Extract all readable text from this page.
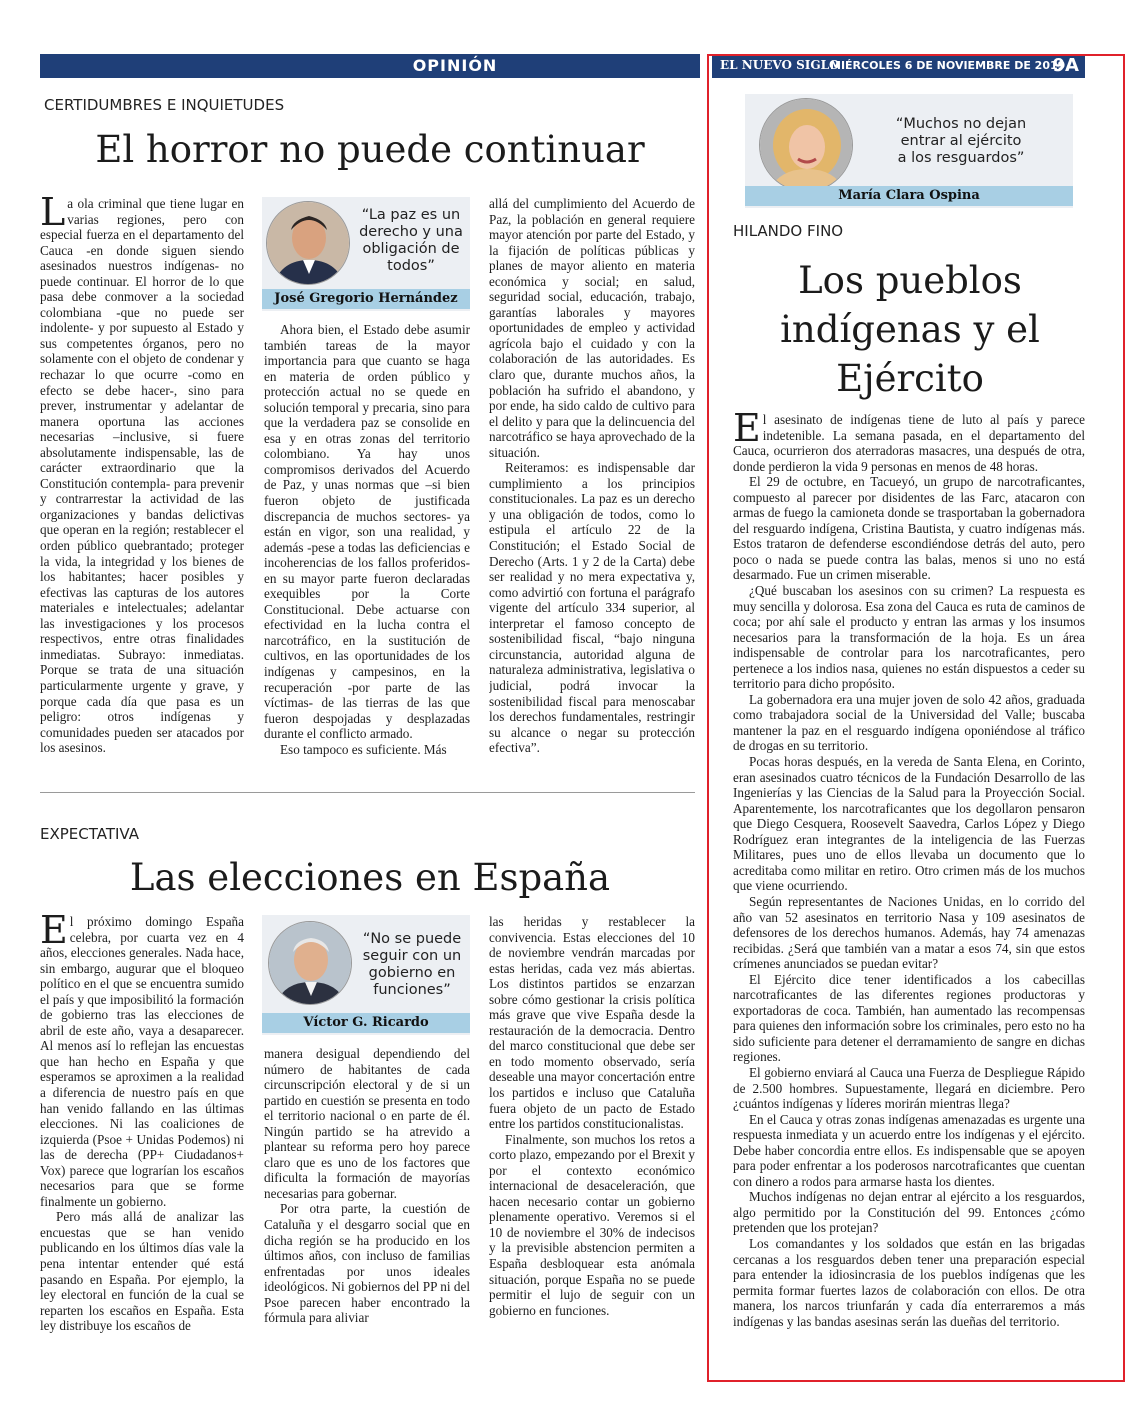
OPINIÓN	EL NUEVO SIGLO
MIÉRCOLES 6 DE NOVIEMBRE DE 2019
9A
CERTIDUMBRES E INQUIETUDES
El horror no puede continuar

La ola criminal que tiene lugar en varias regiones, pero con especial fuerza en el departamento del Cauca -en donde siguen siendo asesinados nuestros indígenas- no puede continuar. El horror de lo que pasa debe conmover a la sociedad colombiana -que no puede ser indolente- y por supuesto al Estado y sus competentes órganos, pero no solamente con el objeto de condenar y rechazar lo que ocurre -como en efecto se debe hacer-, sino para prever, instrumentar y adelantar de manera oportuna las acciones necesarias –inclusive, si fuere absolutamente indispensable, las de carácter extraordinario que la Constitución contempla- para prevenir y contrarrestar la actividad de las organizaciones y bandas delictivas que operan en la región; restablecer el orden público quebrantado; proteger la vida, la integridad y los bienes de los habitantes; hacer posibles y efectivas las capturas de los autores materiales e intelectuales; adelantar las investigaciones y los procesos respectivos, entre otras finalidades inmediatas. Subrayo: inmediatas. Porque se trata de una situación particularmente urgente y grave, y porque cada día que pasa es un peligro: otros indígenas y comunidades pueden ser atacados por los asesinos.

“La paz es un derecho y una obligación de todos”
José Gregorio Hernández

Ahora bien, el Estado debe asumir también tareas de la mayor importancia para que cuanto se haga en materia de orden público y protección actual no se quede en solución temporal y precaria, sino para que la verdadera paz se consolide en esa y en otras zonas del territorio colombiano. Ya hay unos compromisos derivados del Acuerdo de Paz, y unas normas que –si bien fueron objeto de justificada discrepancia de muchos sectores- ya están en vigor, son una realidad, y además -pese a todas las deficiencias e incoherencias de los fallos proferidos- en su mayor parte fueron declaradas exequibles por la Corte Constitucional. Debe actuarse con efectividad en la lucha contra el narcotráfico, en la sustitución de cultivos, en las oportunidades de los indígenas y campesinos, en la recuperación -por parte de las víctimas- de las tierras de las que fueron despojadas y desplazadas durante el conflicto armado.

Eso tampoco es suficiente. Más

allá del cumplimiento del Acuerdo de Paz, la población en general requiere mayor atención por parte del Estado, y la fijación de políticas públicas y planes de mayor aliento en materia económica y social; en salud, seguridad social, educación, trabajo, garantías laborales y mayores oportunidades de empleo y actividad agrícola bajo el cuidado y con la colaboración de las autoridades. Es claro que, durante muchos años, la población ha sufrido el abandono, y por ende, ha sido caldo de cultivo para el delito y para que la delincuencia del narcotráfico se haya aprovechado de la situación.

Reiteramos: es indispensable dar cumplimiento a los principios constitucionales. La paz es un derecho y una obligación de todos, como lo estipula el artículo 22 de la Constitución; el Estado Social de Derecho (Arts. 1 y 2 de la Carta) debe ser realidad y no mera expectativa y, como advirtió con fortuna el parágrafo vigente del artículo 334 superior, al interpretar el famoso concepto de sostenibilidad fiscal, “bajo ninguna circunstancia, autoridad alguna de naturaleza administrativa, legislativa o judicial, podrá invocar la sostenibilidad fiscal para menoscabar los derechos fundamentales, restringir su alcance o negar su protección efectiva”.

EXPECTATIVA
Las elecciones en España

El próximo domingo España celebra, por cuarta vez en 4 años, elecciones generales. Nada hace, sin embargo, augurar que el bloqueo político en el que se encuentra sumido el país y que imposibilitó la formación de gobierno tras las elecciones de abril de este año, vaya a desaparecer. Al menos así lo reflejan las encuestas que han hecho en España y que esperamos se aproximen a la realidad a diferencia de nuestro país en que han venido fallando en las últimas elecciones. Ni las coaliciones de izquierda (Psoe + Unidas Podemos) ni las de derecha (PP+ Ciudadanos+ Vox) parece que lograrían los escaños necesarios para que se forme finalmente un gobierno.

Pero más allá de analizar las encuestas que se han venido publicando en los últimos días vale la pena intentar entender qué está pasando en España. Por ejemplo, la ley electoral en función de la cual se reparten los escaños en España. Esta ley distribuye los escaños de

“No se puede seguir con un gobierno en funciones”
Víctor G. Ricardo

manera desigual dependiendo del número de habitantes de cada circunscripción electoral y de si un partido en cuestión se presenta en todo el territorio nacional o en parte de él. Ningún partido se ha atrevido a plantear su reforma pero hoy parece claro que es uno de los factores que dificulta la formación de mayorías necesarias para gobernar.

Por otra parte, la cuestión de Cataluña y el desgarro social que en dicha región se ha producido en los últimos años, con incluso de familias enfrentadas por unos ideales ideológicos. Ni gobiernos del PP ni del Psoe parecen haber encontrado la fórmula para aliviar

las heridas y restablecer la convivencia. Estas elecciones del 10 de noviembre vendrán marcadas por estas heridas, cada vez más abiertas. Los distintos partidos se enzarzan sobre cómo gestionar la crisis política más grave que vive España desde la restauración de la democracia. Dentro del marco constitucional que debe ser en todo momento observado, sería deseable una mayor concertación entre los partidos e incluso que Cataluña fuera objeto de un pacto de Estado entre los partidos constitucionalistas.

Finalmente, son muchos los retos a corto plazo, empezando por el Brexit y por el contexto económico internacional de desaceleración, que hacen necesario contar un gobierno plenamente operativo. Veremos si el 10 de noviembre el 30% de indecisos y la previsible abstencion permiten a España desbloquear esta anómala situación, porque España no se puede permitir el lujo de seguir con un gobierno en funciones.

“Muchos no dejan entrar al ejército a los resguardos”
María Clara Ospina
HILANDO FINO
Los pueblos indígenas y el Ejército

El asesinato de indígenas tiene de luto al país y parece indetenible. La semana pasada, en el departamento del Cauca, ocurrieron dos aterradoras masacres, una después de otra, donde perdieron la vida 9 personas en menos de 48 horas.

El 29 de octubre, en Tacueyó, un grupo de narcotraficantes, compuesto al parecer por disidentes de las Farc, atacaron con armas de fuego la camioneta donde se trasportaban la gobernadora del resguardo indígena, Cristina Bautista, y cuatro indígenas más. Estos trataron de defenderse escondiéndose detrás del auto, pero poco o nada se puede contra las balas, menos si uno no está desarmado. Fue un crimen miserable.

¿Qué buscaban los asesinos con su crimen? La respuesta es muy sencilla y dolorosa. Esa zona del Cauca es ruta de caminos de coca; por ahí sale el producto y entran las armas y los insumos necesarios para la transformación de la hoja. Es un área indispensable de controlar para los narcotraficantes, pero pertenece a los indios nasa, quienes no están dispuestos a ceder su territorio para dicho propósito.

La gobernadora era una mujer joven de solo 42 años, graduada como trabajadora social de la Universidad del Valle; buscaba mantener la paz en el resguardo indígena oponiéndose al tráfico de drogas en su territorio.

Pocas horas después, en la vereda de Santa Elena, en Corinto, eran asesinados cuatro técnicos de la Fundación Desarrollo de las Ingenierías y las Ciencias de la Salud para la Proyección Social. Aparentemente, los narcotraficantes que los degollaron pensaron que Diego Cesquera, Roosevelt Saavedra, Carlos López y Diego Rodríguez eran integrantes de la inteligencia de las Fuerzas Militares, pues uno de ellos llevaba un documento que lo acreditaba como militar en retiro. Otro crimen más de los muchos que viene ocurriendo.

Según representantes de Naciones Unidas, en lo corrido del año van 52 asesinatos en territorio Nasa y 109 asesinatos de defensores de los derechos humanos. Además, hay 74 amenazas recibidas. ¿Será que también van a matar a esos 74, sin que estos crímenes anunciados se puedan evitar?

El Ejército dice tener identificados a los cabecillas narcotraficantes de las diferentes regiones productoras y exportadoras de coca. También, han aumentado las recompensas para quienes den información sobre los criminales, pero esto no ha sido suficiente para detener el derramamiento de sangre en dichas regiones.

El gobierno enviará al Cauca una Fuerza de Despliegue Rápido de 2.500 hombres. Supuestamente, llegará en diciembre. Pero ¿cuántos indígenas y líderes morirán mientras llega?

En el Cauca y otras zonas indígenas amenazadas es urgente una respuesta inmediata y un acuerdo entre los indígenas y el ejército. Debe haber concordia entre ellos. Es indispensable que se apoyen para poder enfrentar a los poderosos narcotraficantes que cuentan con dinero a rodos para armarse hasta los dientes.

Muchos indígenas no dejan entrar al ejército a los resguardos, algo permitido por la Constitución del 99. Entonces ¿cómo pretenden que los protejan?

Los comandantes y los soldados que están en las brigadas cercanas a los resguardos deben tener una preparación especial para entender la idiosincrasia de los pueblos indígenas que les permita formar fuertes lazos de colaboración con ellos. De otra manera, los narcos triunfarán y cada día enterraremos a más indígenas y las bandas asesinas serán las dueñas del territorio.
